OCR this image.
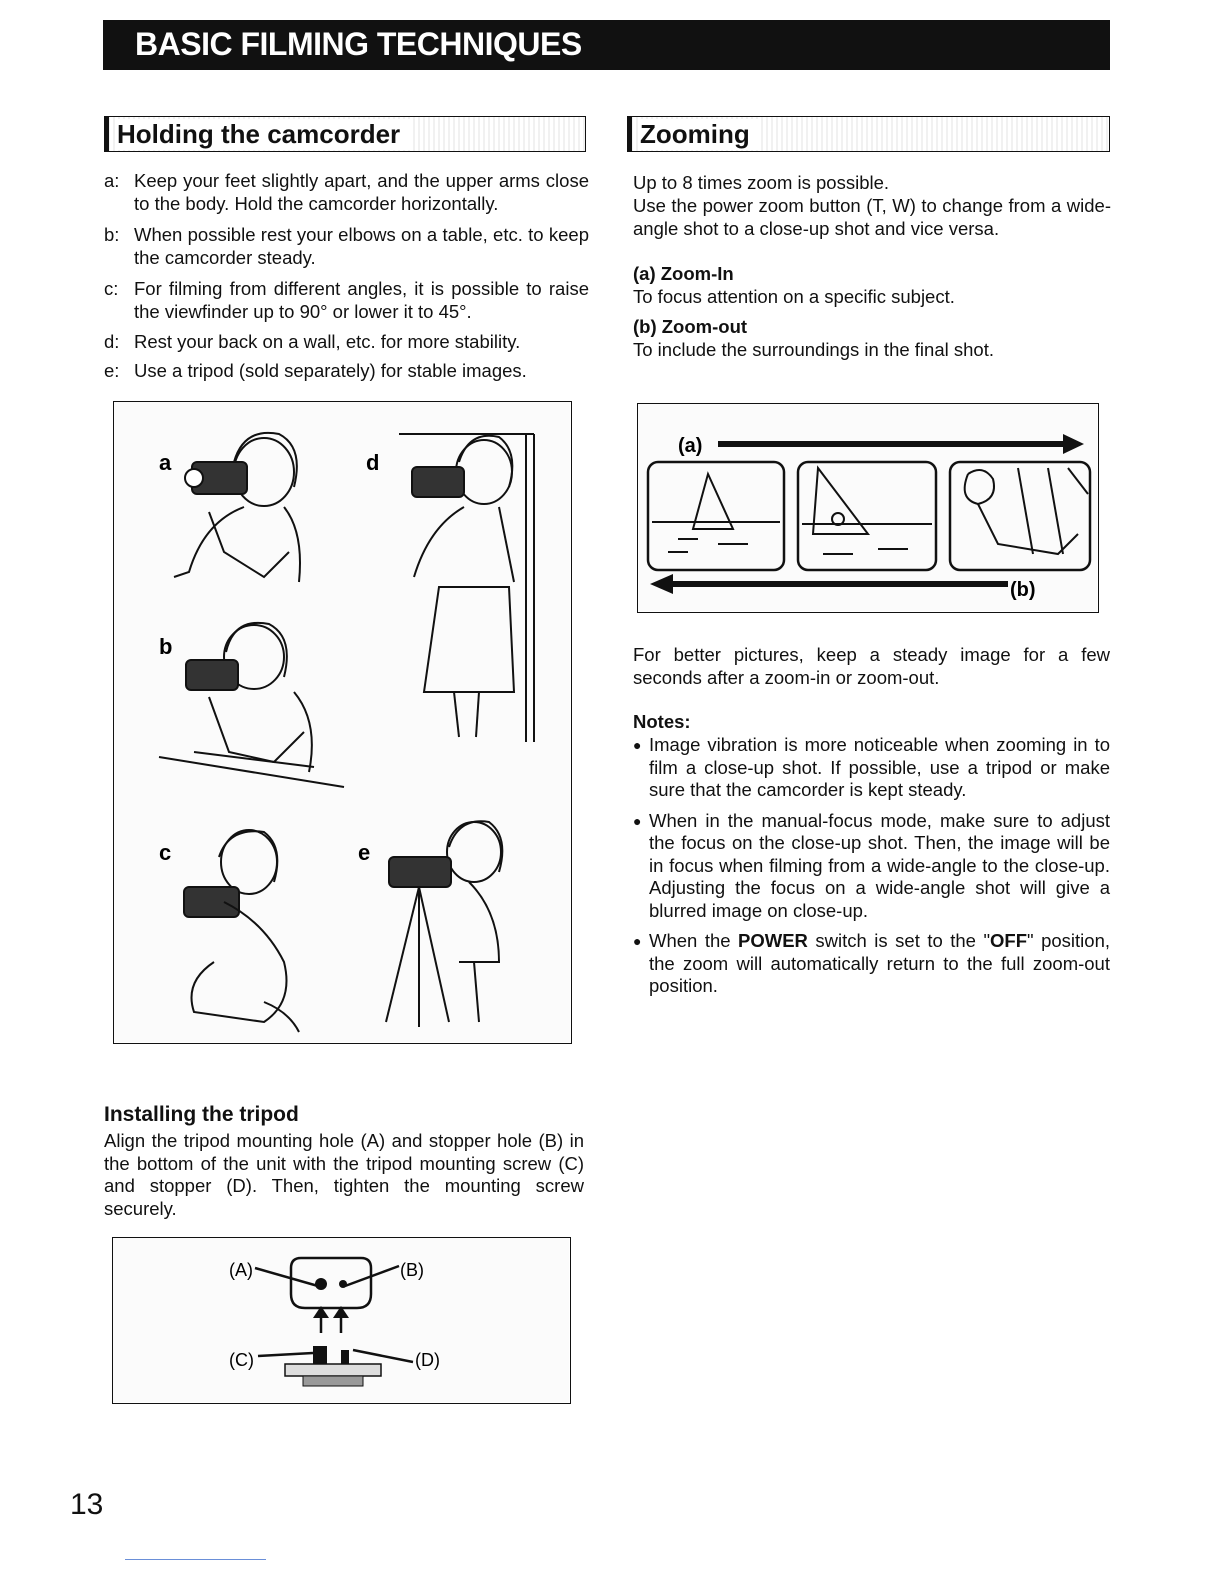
BASIC FILMING TECHNIQUES
Holding the camcorder
a: Keep your feet slightly apart, and the upper arms close to the body. Hold the camcorder horizontally.
b: When possible rest your elbows on a table, etc. to keep the camcorder steady.
c: For filming from different angles, it is possible to raise the viewfinder up to 90° or lower it to 45°.
d: Rest your back on a wall, etc. for more stability.
e: Use a tripod (sold separately) for stable images.
a
b
c
d
e
Installing the tripod
Align the tripod mounting hole (A) and stopper hole (B) in the bottom of the unit with the tripod mounting screw (C) and stopper (D). Then, tighten the mounting screw securely.
(A)	(B)
(C)	(D)
Zooming
Up to 8 times zoom is possible.
Use the power zoom button (T, W) to change from a wide-angle shot to a close-up shot and vice versa.
(a) Zoom-In
To focus attention on a specific subject.
(b) Zoom-out
To include the surroundings in the final shot.
(a)
(b)
For better pictures, keep a steady image for a few seconds after a zoom-in or zoom-out.
Notes:
● Image vibration is more noticeable when zooming in to film a close-up shot. If possible, use a tripod or make sure that the camcorder is kept steady.
● When in the manual-focus mode, make sure to adjust the focus on the close-up shot. Then, the image will be in focus when filming from a wide-angle to the close-up. Adjusting the focus on a wide-angle shot will give a blurred image on close-up.
● When the POWER switch is set to the "OFF" position, the zoom will automatically return to the full zoom-out position.
13
